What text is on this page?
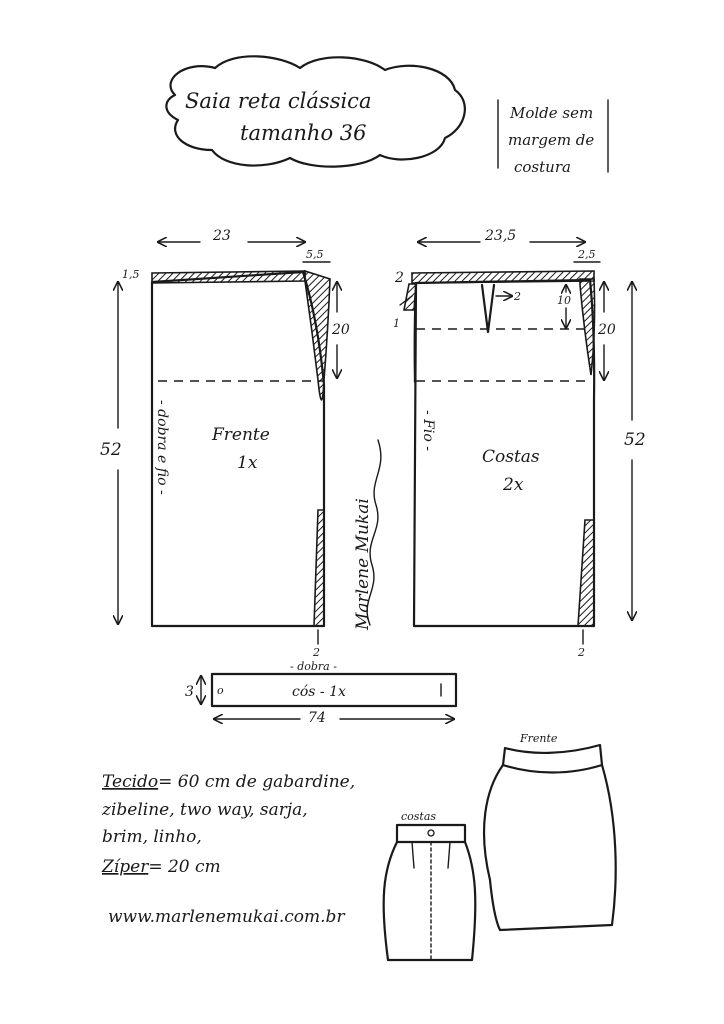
Saia reta clássica
tamanho 36
Molde sem
margem de
costura
23
5,5
1,5
52
20
2
Frente
1x
- dobra e fio -
Marlene Mukai
23,5
2,5
2
2	10
1	20
52
2
Costas
2x
- Fio -
- dobra -
o	cós - 1x
3
74
Tecido= 60 cm de gabardine,
zibeline, two way, sarja,
brim, linho,
Zíper= 20 cm
www.marlenemukai.com.br
costas
Frente
